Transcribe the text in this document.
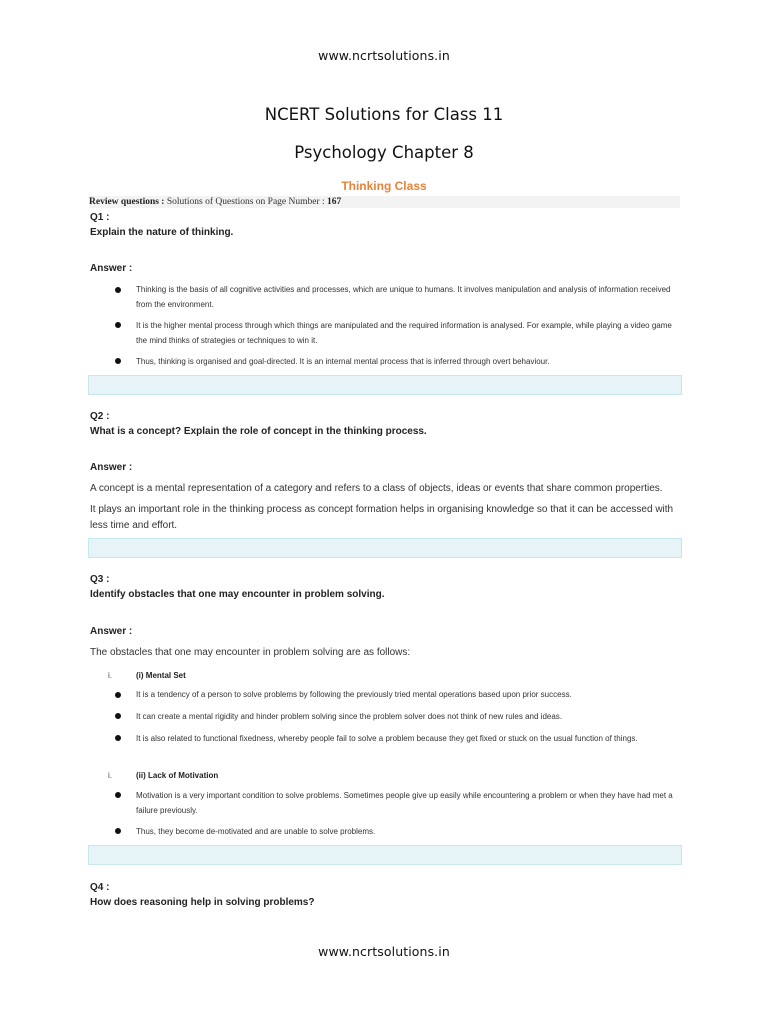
www.ncrtsolutions.in
NCERT Solutions for Class 11
Psychology Chapter 8
Thinking Class
Review questions : Solutions of Questions on Page Number : 167
Q1 :
Explain the nature of thinking.
Answer :
Thinking is the basis of all cognitive activities and processes, which are unique to humans. It involves manipulation and analysis of information received from the environment.
It is the higher mental process through which things are manipulated and the required information is analysed. For example, while playing a video game the mind thinks of strategies or techniques to win it.
Thus, thinking is organised and goal-directed. It is an internal mental process that is inferred through overt behaviour.
Q2 :
What is a concept? Explain the role of concept in the thinking process.
Answer :
A concept is a mental representation of a category and refers to a class of objects, ideas or events that share common properties.
It plays an important role in the thinking process as concept formation helps in organising knowledge so that it can be accessed with less time and effort.
Q3 :
Identify obstacles that one may encounter in problem solving.
Answer :
The obstacles that one may encounter in problem solving are as follows:
i.	(i) Mental Set
It is a tendency of a person to solve problems by following the previously tried mental operations based upon prior success.
It can create a mental rigidity and hinder problem solving since the problem solver does not think of new rules and ideas.
It is also related to functional fixedness, whereby people fail to solve a problem because they get fixed or stuck on the usual function of things.
i.	(ii) Lack of Motivation
Motivation is a very important condition to solve problems. Sometimes people give up easily while encountering a problem or when they have had met a failure previously.
Thus, they become de-motivated and are unable to solve problems.
Q4 :
How does reasoning help in solving problems?
www.ncrtsolutions.in
